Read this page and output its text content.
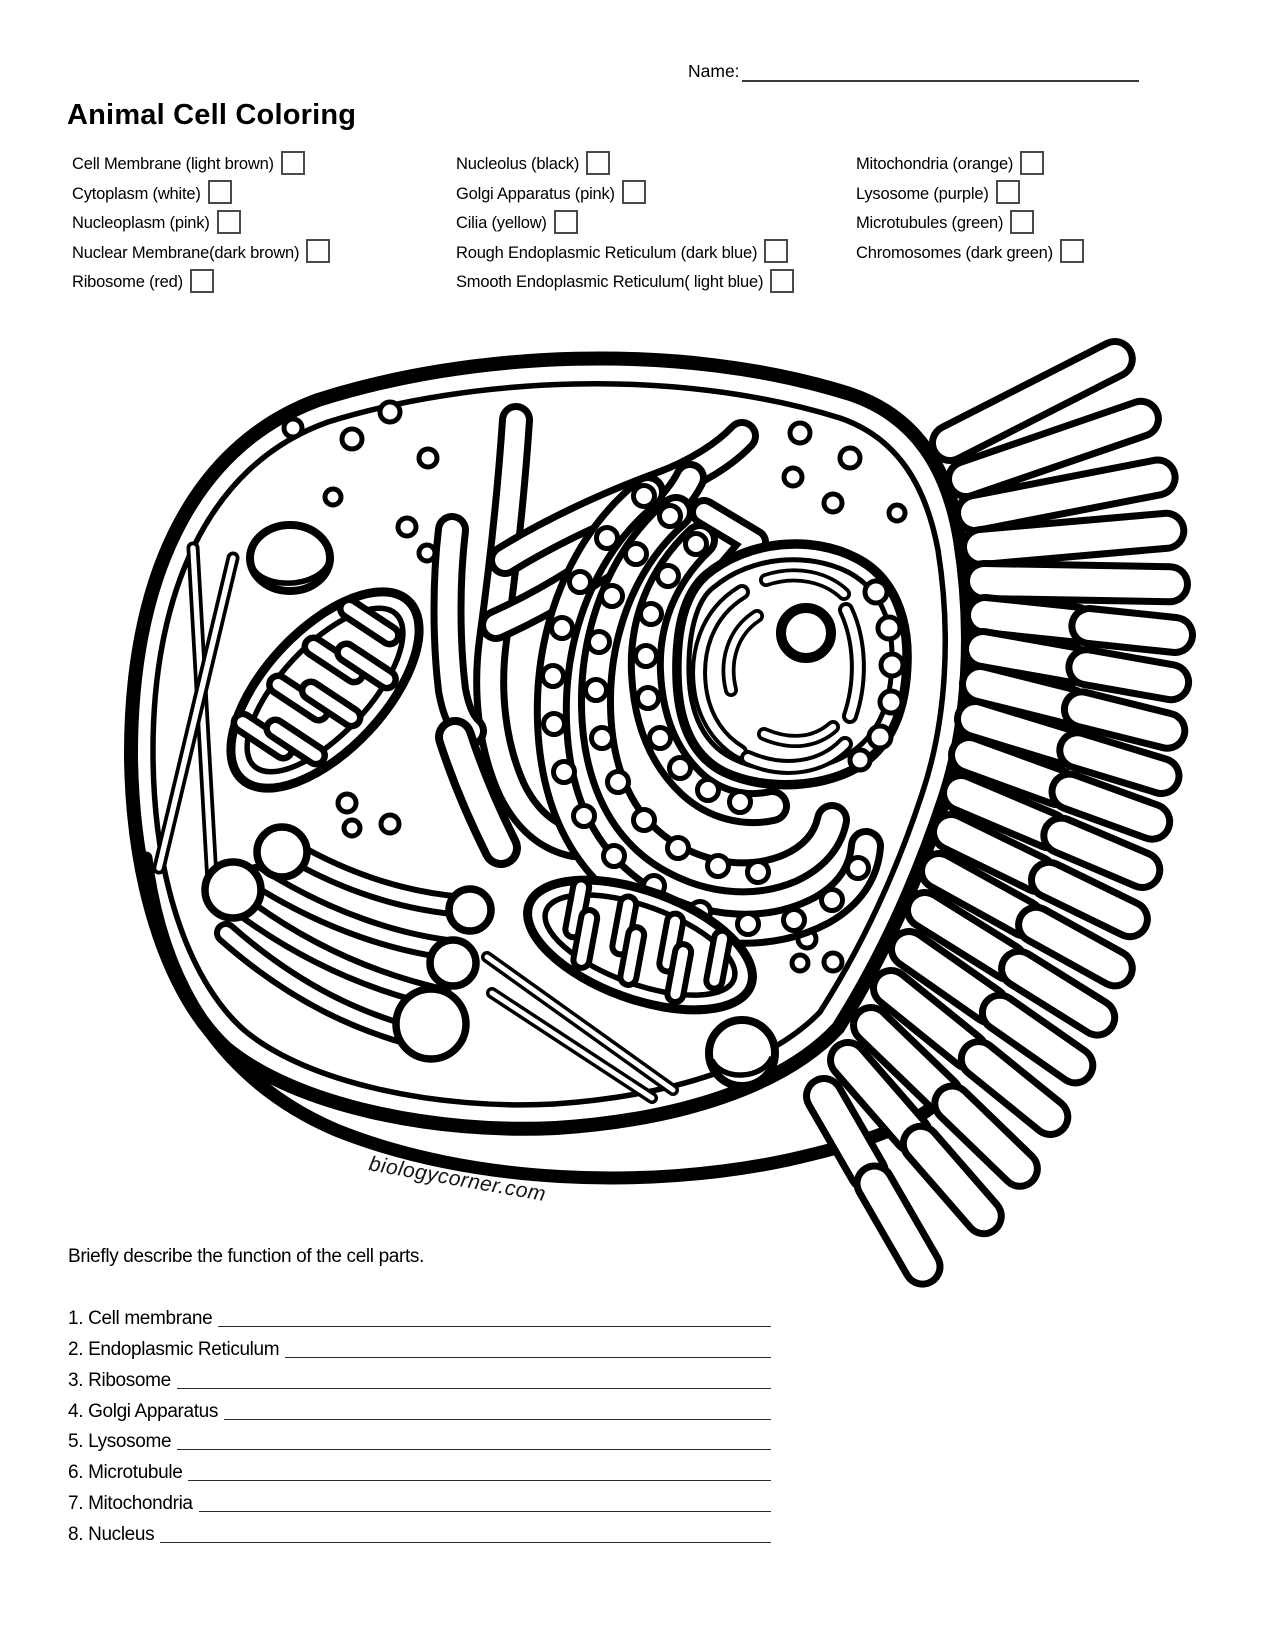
Name:
Animal Cell Coloring
Cell Membrane (light brown)
Cytoplasm (white)
Nucleoplasm (pink)
Nuclear Membrane(dark brown)
Ribosome (red)
Nucleolus (black)
Golgi Apparatus (pink)
Cilia (yellow)
Rough Endoplasmic Reticulum (dark blue)
Smooth Endoplasmic Reticulum( light blue)
Mitochondria (orange)
Lysosome (purple)
Microtubules (green)
Chromosomes (dark green)
biologycorner.com

Briefly describe the function of the cell parts.

1. Cell membrane
2. Endoplasmic Reticulum
3. Ribosome
4. Golgi Apparatus
5. Lysosome
6. Microtubule
7. Mitochondria
8. Nucleus
